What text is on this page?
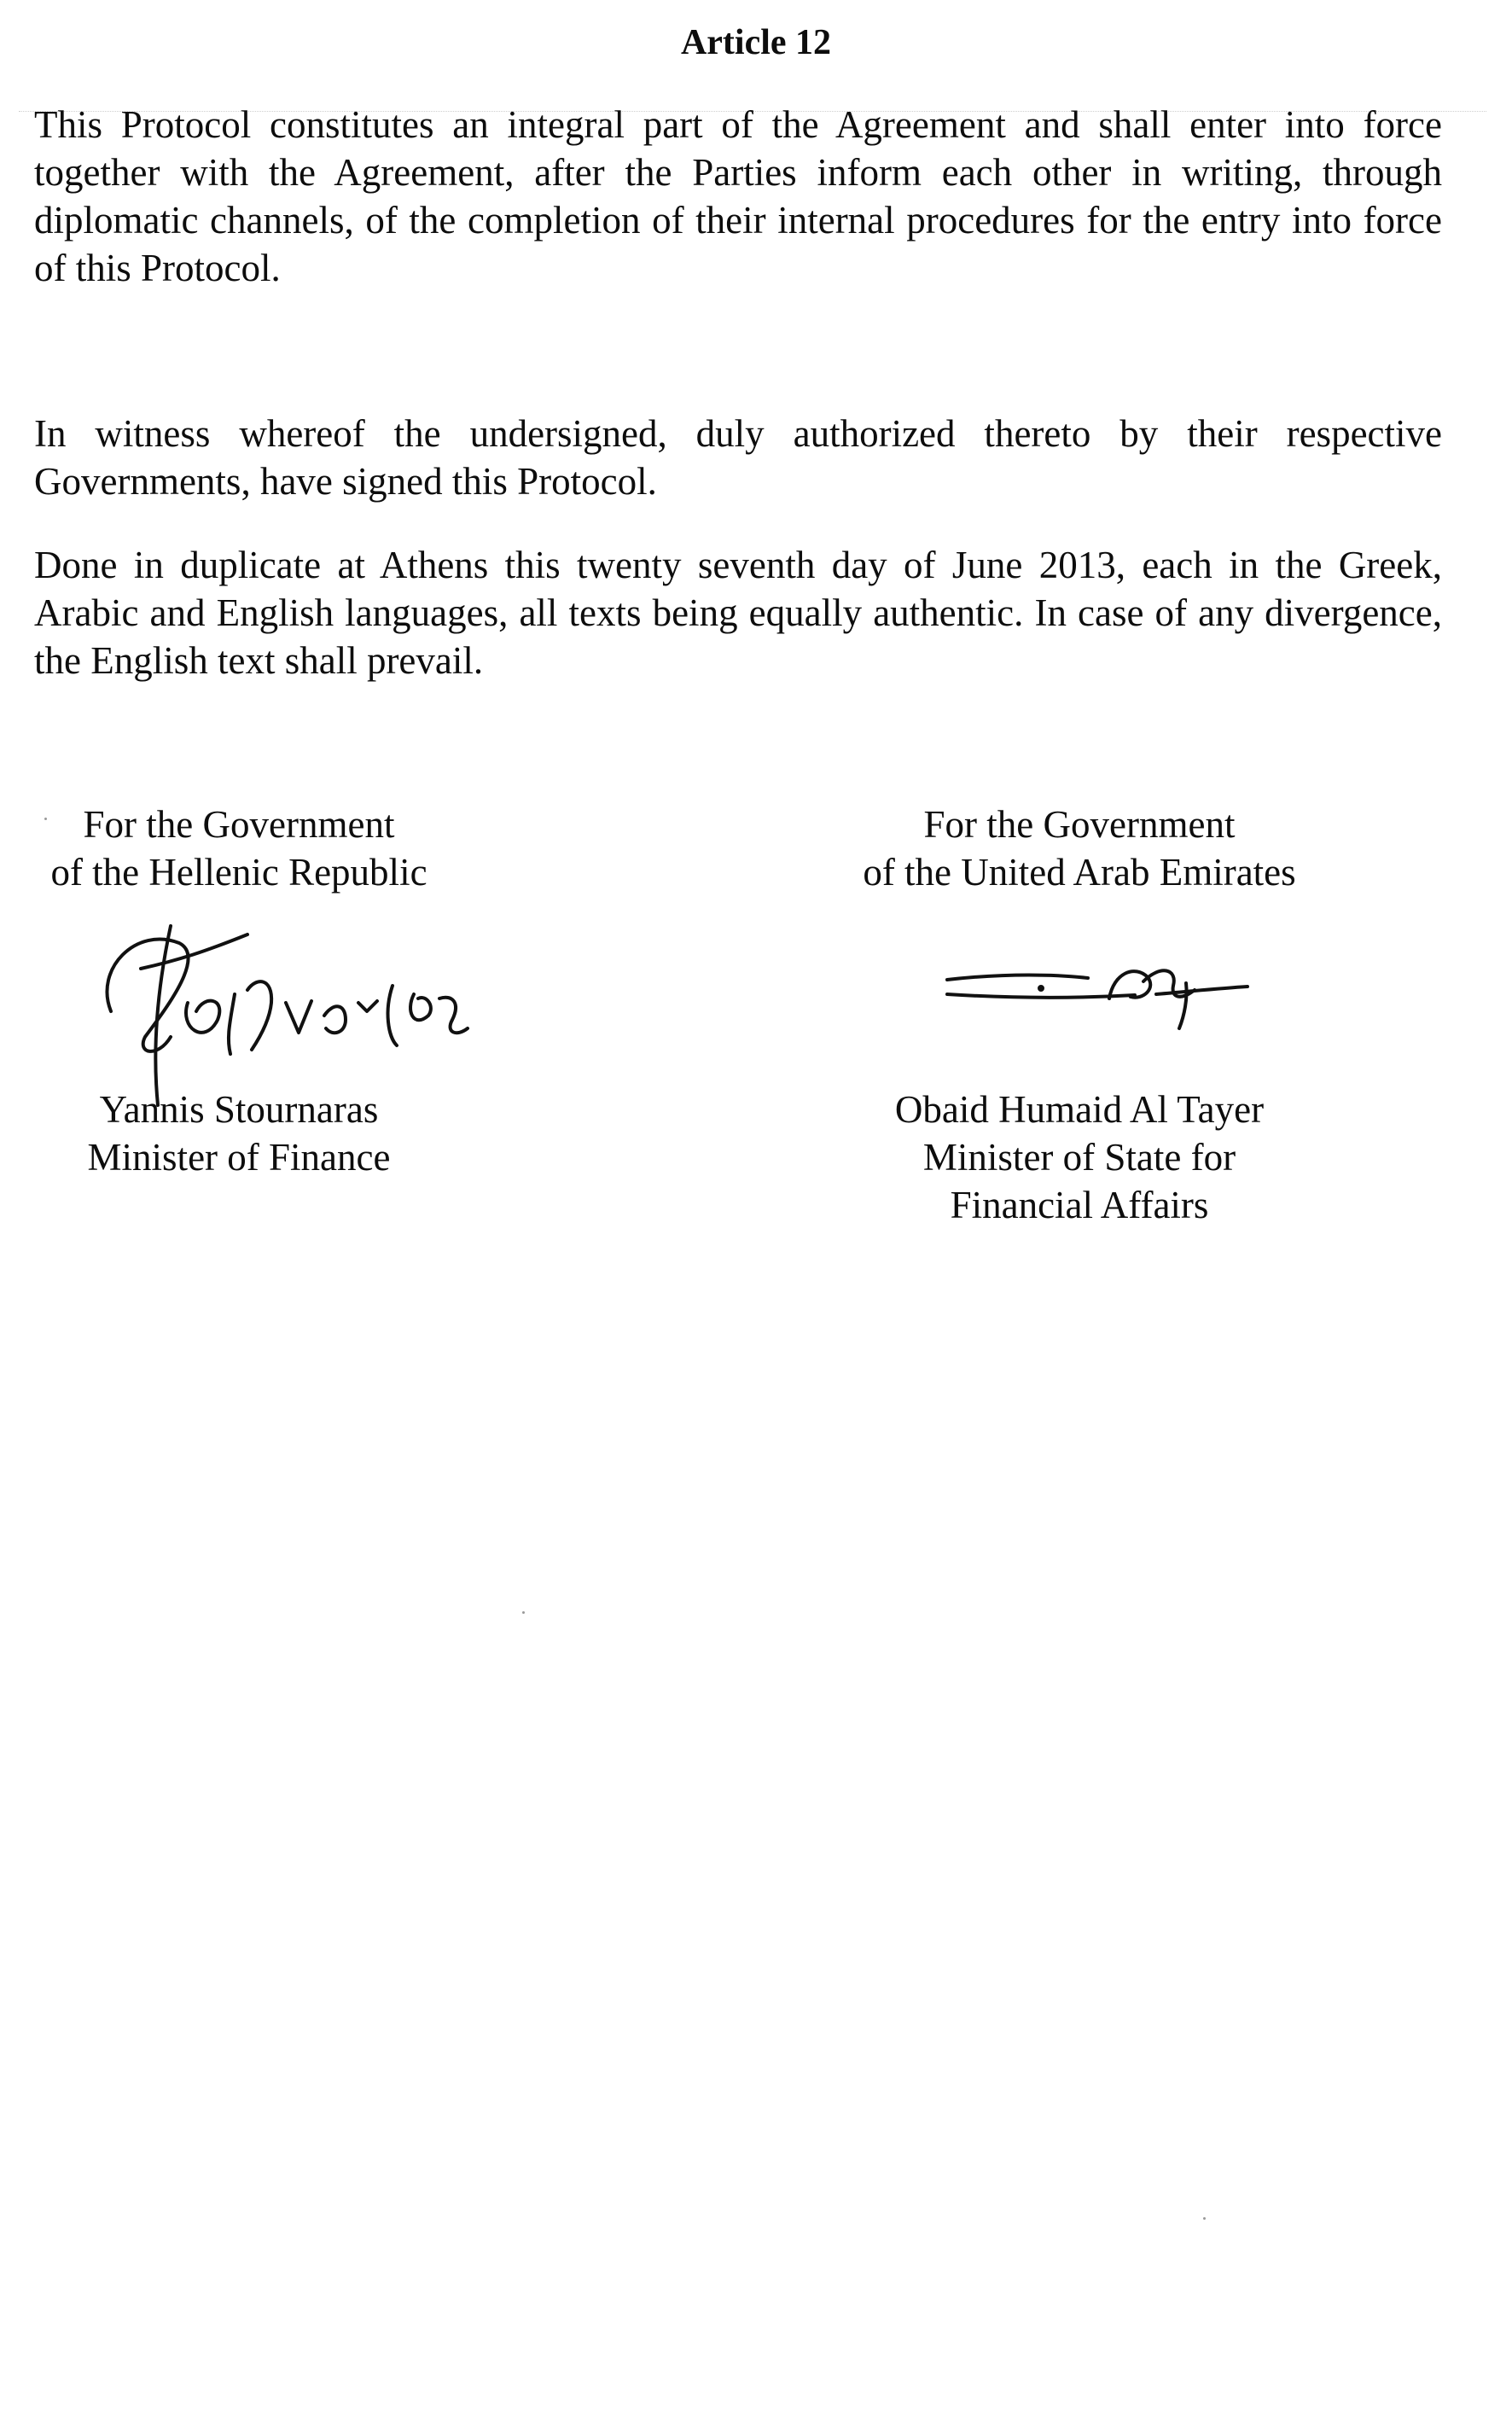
Article 12

This Protocol constitutes an integral part of the Agreement and shall enter into force together with the Agreement, after the Parties inform each other in writing, through diplomatic channels, of the completion of their internal procedures for the entry into force of this Protocol.

In witness whereof the undersigned, duly authorized thereto by their respective Governments, have signed this Protocol.

Done in duplicate at Athens this twenty seventh day of June 2013, each in the Greek, Arabic and English languages, all texts being equally authentic. In case of any divergence, the English text shall prevail.

For the Government
of the Hellenic Republic
Yannis Stournaras
Minister of Finance
For the Government
of the United Arab Emirates
Obaid Humaid Al Tayer
Minister of State for
Financial Affairs
